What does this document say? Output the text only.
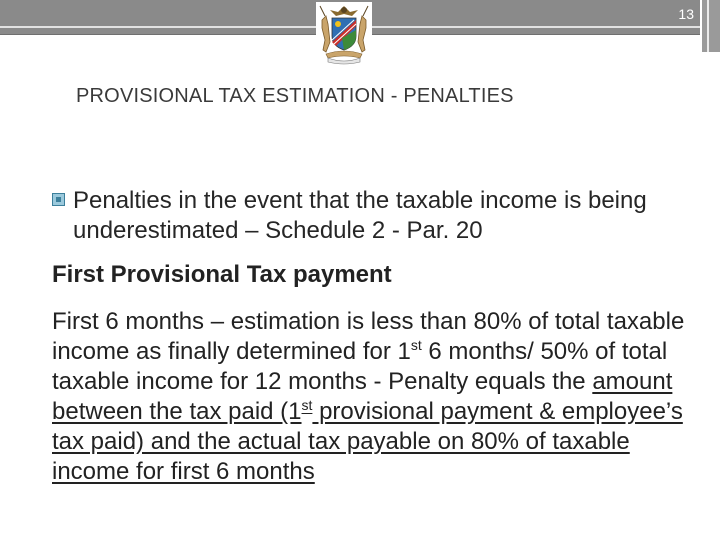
13
PROVISIONAL TAX ESTIMATION - PENALTIES
Penalties in the event that the taxable income is being underestimated – Schedule 2 - Par. 20
First Provisional Tax payment
First 6 months – estimation is less than 80% of total taxable income as finally determined for 1st 6 months/ 50% of total taxable income for 12 months - Penalty equals the amount between the tax paid (1st provisional payment & employee’s tax paid) and the actual tax payable on 80% of taxable income for first 6 months
